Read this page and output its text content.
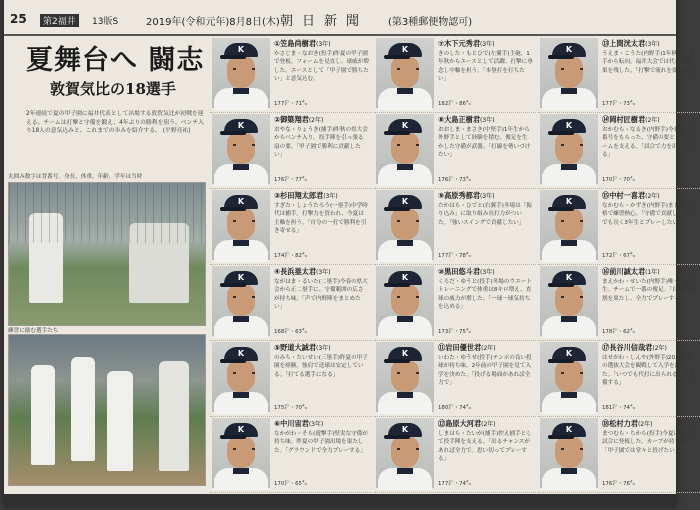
25	第2福井	13版S	2019年(令和元年)8月8日(木) 朝日新聞 (第3種郵便物認可)
夏舞台へ 闘志
敦賀気比の18選手
2年連続で夏の甲子園に福井代表として出場する敦賀気比が初戦を迎える。チームは打撃と守備を鍛え、4年ぶりの勝利を狙う。ベンチ入り18人の意気込みと、これまでの歩みを紹介する。 (平野亮祐)
丸囲み数字は背番号。身長、体重、年齢、学年は当時
練習に励む選手たち
K
①笠島尚樹君(3年)
かさじま・なおき(投手)昨夏の甲子園で登板。フォームを見直し、球威が増した。エースとして「甲子園で勝ちたい」と意気込む。
177㌢・71㌔
K
②御簗翔君(2年)
おやな・りょうき(捕手)昨秋の県大会からベンチ入り。投手陣を引っ張る扇の要。「甲子園で勝利に貢献したい」
176㌢・77㌔
K
③杉田翔太郎君(3年)
すぎた・しょうたろう(一塁手)中学時代は捕手。打撃力を買われ、今夏は主軸を担う。「自分の一打で勝利を引き寄せる」
174㌢・82㌔
K
④長浜塁太君(3年)
ながはま・るいた(二塁手)今春の県大会から正二塁手に。守備範囲の広さが持ち味。「声で内野陣をまとめたい」
168㌢・63㌔
K
⑤野道大誠君(3年)
のみち・たいせい(三塁手)昨夏の甲子園を経験。強肩で送球は安定している。「打てる選手になる」
175㌢・70㌔
K
⑥中川宙君(3年)
なかがわ・そら(遊撃手)堅実な守備が持ち味。昨夏の甲子園出場を果たした。「グラウンドで全力プレーする」
170㌢・65㌔
K
⑦木下元秀君(3年)
きのした・もとひで(左翼手)主砲。1年秋からエースとして活躍、打撃に専念し中軸を担う。「本塁打を打ちたい」
182㌢・86㌔
K
⑧大島正樹君(3年)
おおしま・まさき(中堅手)1年生から外野手として経験を積む。俊足を生かした守備が武器。「打線を勢いづけたい」
176㌢・73㌔
K
⑨高原秀都君(3年)
たかはら・ひでと(右翼手)冬場は「振り込み」に取り組み長打力がついた。「強いスイングで貢献したい」
177㌢・78㌔
K
⑩黒田悠斗君(3年)
くろだ・ゆうと(投手)冬場のウエートトレーニングで体重は8キロ増え、直球の威力が増した。「一球一球気持ちを込める」
173㌢・75㌔
K
⑪岩田優世君(2年)
いわた・ゆうせ(投手)テンポの良い投球が持ち味。2年前の甲子園を見て入学を決めた。「投げる場面があれば全力で」
180㌢・74㌔
K
⑫島原大河君(2年)
しまはら・たいが(捕手)控え捕手として投手陣を支える。「出るチャンスがあれば全力で。思い切ってプレーする」
177㌢・74㌔
K
⑬上間洸太君(3年)
うえま・こうた(内野手)1年秋に二塁手から転向。福井大会では代打で結果を残した。「打撃で流れを変える」
177㌢・73㌔
K
⑭岡村匠樹君(2年)
おかむら・なるき(内野手)今春から背番号をもらった。守備の要としてチームを支える。「試合で力を出し切る」
170㌢・70㌔
K
⑮中村一喜君(2年)
なかむら・かずき(内野手)まじめな性格で練習熱心。「守備で貢献し、少しでも長く3年生とプレーしたい」
172㌢・67㌔
K
⑯前川誠太君(1年)
まえかわ・せいた(内野手)唯一の1年生。チームで一番の俊足。「自分の役割を果たし、全力でプレーする」
178㌢・62㌔
K
⑰長谷川信哉君(2年)
はせがわ・しんや(外野手)2015年春の選抜大会を観戦して入学を決めた。「いつでも代打に出られるよう準備する」
181㌢・74㌔
K
⑱松村力君(2年)
まつむら・ちから(投手)今夏は多くの試合に登板した。カーブが持ち味。「甲子園では堂々と投げたい」
176㌢・76㌔
